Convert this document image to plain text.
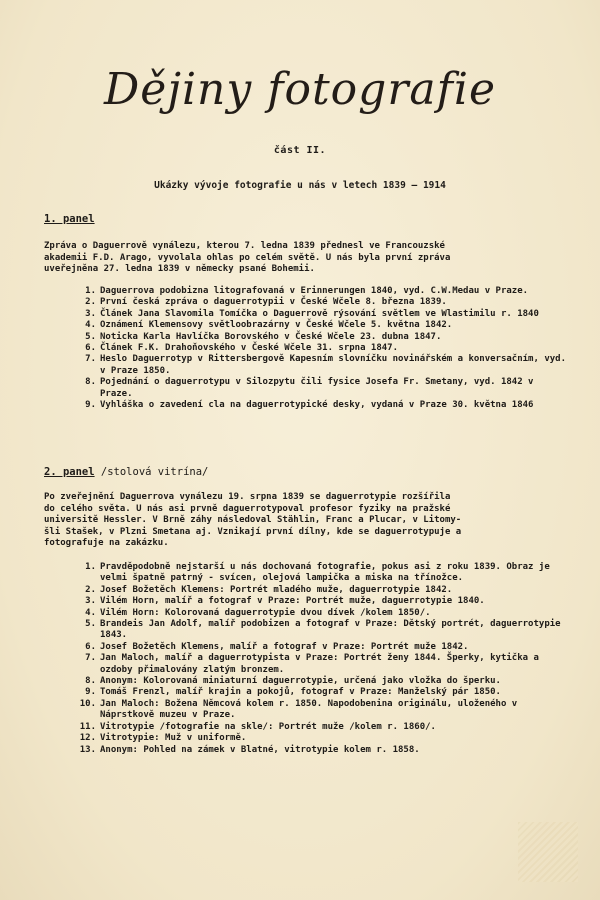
Dějiny fotografie
část II.
Ukázky vývoje fotografie u nás v letech 1839 – 1914
1. panel
Zpráva o Daguerrově vynálezu, kterou 7. ledna 1839 přednesl ve Francouzské
akademii F.D. Arago, vyvolala ohlas po celém světě. U nás byla první zpráva
uveřejněna 27. ledna 1839 v německy psané Bohemii.
1. Daguerrova podobizna litografovaná v Erinnerungen 1840, vyd. C.W.Medau v Praze.
2. První česká zpráva o daguerrotypii v České Wčele 8. března 1839.
3. Článek Jana Slavomila Tomíčka o Daguerrově rýsování světlem ve Wlastimilu r. 1840
4. Oznámení Klemensovy světloobrazárny v České Wčele 5. května 1842.
5. Noticka Karla Havlíčka Borovského v České Wčele 23. dubna 1847.
6. Článek F.K. Drahoňovského v České Wčele 31. srpna 1847.
7. Heslo Daguerrotyp v Rittersbergově Kapesním slovníčku novinářském a konversačním, vyd. v Praze 1850.
8. Pojednání o daguerrotypu v Silozpytu čili fysice Josefa Fr. Smetany, vyd. 1842 v Praze.
9. Vyhláška o zavedení cla na daguerrotypické desky, vydaná v Praze 30. května 1846
2. panel /stolová vitrína/
Po zveřejnění Daguerrova vynálezu 19. srpna 1839 se daguerrotypie rozšířila
do celého světa. U nás asi prvně daguerrotypoval profesor fyziky na pražské
universitě Hessler. V Brně záhy následoval Stählin, Franc a Plucar, v Litomy-
šli Stašek, v Plzni Smetana aj. Vznikají první dílny, kde se daguerrotypuje a
fotografuje na zakázku.
1. Pravděpodobně nejstarší u nás dochovaná fotografie, pokus asi z roku 1839. Obraz je velmi špatně patrný - svícen, olejová lampička a miska na třínožce.
2. Josef Božetěch Klemens: Portrét mladého muže, daguerrotypie 1842.
3. Vilém Horn, malíř a fotograf v Praze: Portrét muže, daguerrotypie 1840.
4. Vilém Horn: Kolorovaná daguerrotypie dvou dívek /kolem 1850/.
5. Brandeis Jan Adolf, malíř podobizen a fotograf v Praze: Dětský portrét, daguerrotypie 1843.
6. Josef Božetěch Klemens, malíř a fotograf v Praze: Portrét muže 1842.
7. Jan Maloch, malíř a daguerrotypista v Praze: Portrét ženy 1844. Šperky, kytička a ozdoby přimalovány zlatým bronzem.
8. Anonym: Kolorovaná miniaturní daguerrotypie, určená jako vložka do šperku.
9. Tomáš Frenzl, malíř krajin a pokojů, fotograf v Praze: Manželský pár 1850.
10. Jan Maloch: Božena Němcová kolem r. 1850. Napodobenina originálu, uloženého v Náprstkově muzeu v Praze.
11. Vitrotypie /fotografie na skle/: Portrét muže /kolem r. 1860/.
12. Vitrotypie: Muž v uniformě.
13. Anonym: Pohled na zámek v Blatné, vitrotypie kolem r. 1858.
